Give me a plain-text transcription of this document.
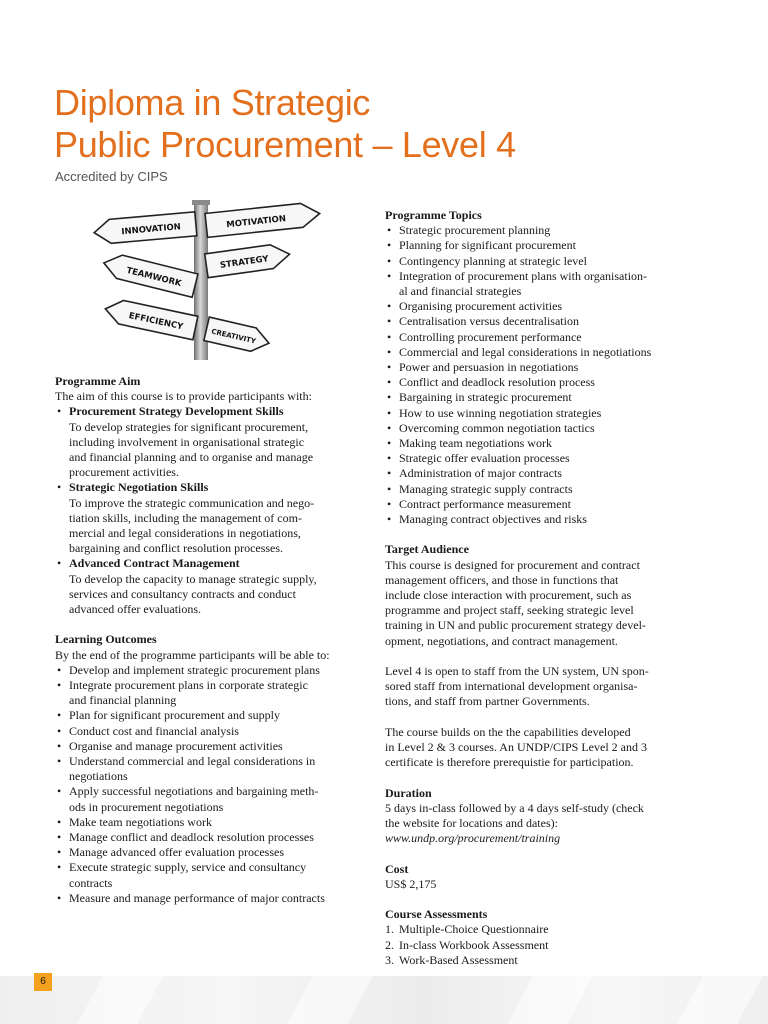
6
Diploma in Strategic
Public Procurement – Level 4

Accredited by CIPS

INNOVATION	MOTIVATION
STRATEGY
TEAMWORK
EFFICIENCY
CREATIVITY

Programme Aim

The aim of this course is to provide participants with:

• Procurement Strategy Development Skills
To develop strategies for significant procurement,
including involvement in organisational strategic
and financial planning and to organise and manage
procurement activities.
• Strategic Negotiation Skills
To improve the strategic communication and nego-
tiation skills, including the management of com-
mercial and legal considerations in negotiations,
bargaining and conflict resolution processes.
• Advanced Contract Management
To develop the capacity to manage strategic supply,
services and consultancy contracts and conduct
advanced offer evaluations.

Learning Outcomes

By the end of the programme participants will be able to:

• Develop and implement strategic procurement plans
• Integrate procurement plans in corporate strategic
and financial planning
• Plan for significant procurement and supply
• Conduct cost and financial analysis
• Organise and manage procurement activities
• Understand commercial and legal considerations in
negotiations
• Apply successful negotiations and bargaining meth-
ods in procurement negotiations
• Make team negotiations work
• Manage conflict and deadlock resolution processes
• Manage advanced offer evaluation processes
• Execute strategic supply, service and consultancy
contracts
• Measure and manage performance of major contracts

Programme Topics

• Strategic procurement planning
• Planning for significant procurement
• Contingency planning at strategic level
• Integration of procurement plans with organisation-
al and financial strategies
• Organising procurement activities
• Centralisation versus decentralisation
• Controlling procurement performance
• Commercial and legal considerations in negotiations
• Power and persuasion in negotiations
• Conflict and deadlock resolution process
• Bargaining in strategic procurement
• How to use winning negotiation strategies
• Overcoming common negotiation tactics
• Making team negotiations work
• Strategic offer evaluation processes
• Administration of major contracts
• Managing strategic supply contracts
• Contract performance measurement
• Managing contract objectives and risks

Target Audience

This course is designed for procurement and contract
management officers, and those in functions that
include close interaction with procurement, such as
programme and project staff, seeking strategic level
training in UN and public procurement strategy devel-
opment, negotiations, and contract management.
Level 4 is open to staff from the UN system, UN spon-
sored staff from international development organisa-
tions, and staff from partner Governments.
The course builds on the the capabilities developed
in Level 2 & 3 courses. An UNDP/CIPS Level 2 and 3
certificate is therefore prerequistie for participation.

Duration

5 days in-class followed by a 4 days self-study (check

the website for locations and dates):

www.undp.org/procurement/training

Cost

US$ 2,175

Course Assessments

1. Multiple-Choice Questionnaire
2. In-class Workbook Assessment
3. Work-Based Assessment
